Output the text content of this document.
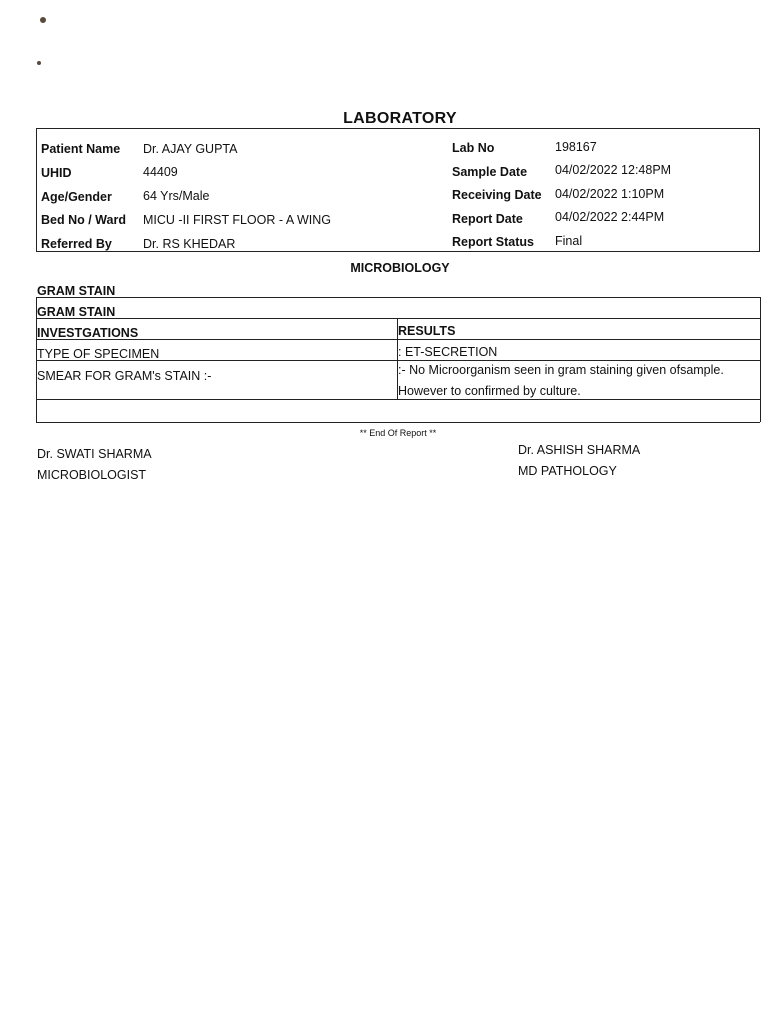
LABORATORY
Patient Name Dr. AJAY GUPTA
UHID	44409
Age/Gender 64 Yrs/Male
Bed No / Ward MICU -II FIRST FLOOR - A WING
Referred By Dr. RS KHEDAR
Lab No	198167
Sample Date 04/02/2022 12:48PM
Receiving Date 04/02/2022 1:10PM
Report Date	04/02/2022 2:44PM
Report Status Final
MICROBIOLOGY
GRAM STAIN
GRAM STAIN
INVESTGATIONS	RESULTS
TYPE OF SPECIMEN	: ET-SECRETION
SMEAR FOR GRAM's STAIN :-	:- No Microorganism seen in gram staining given ofsample.
However to confirmed by culture.
** End Of Report **
Dr. SWATI SHARMA
MICROBIOLOGIST
Dr. ASHISH SHARMA
MD PATHOLOGY
